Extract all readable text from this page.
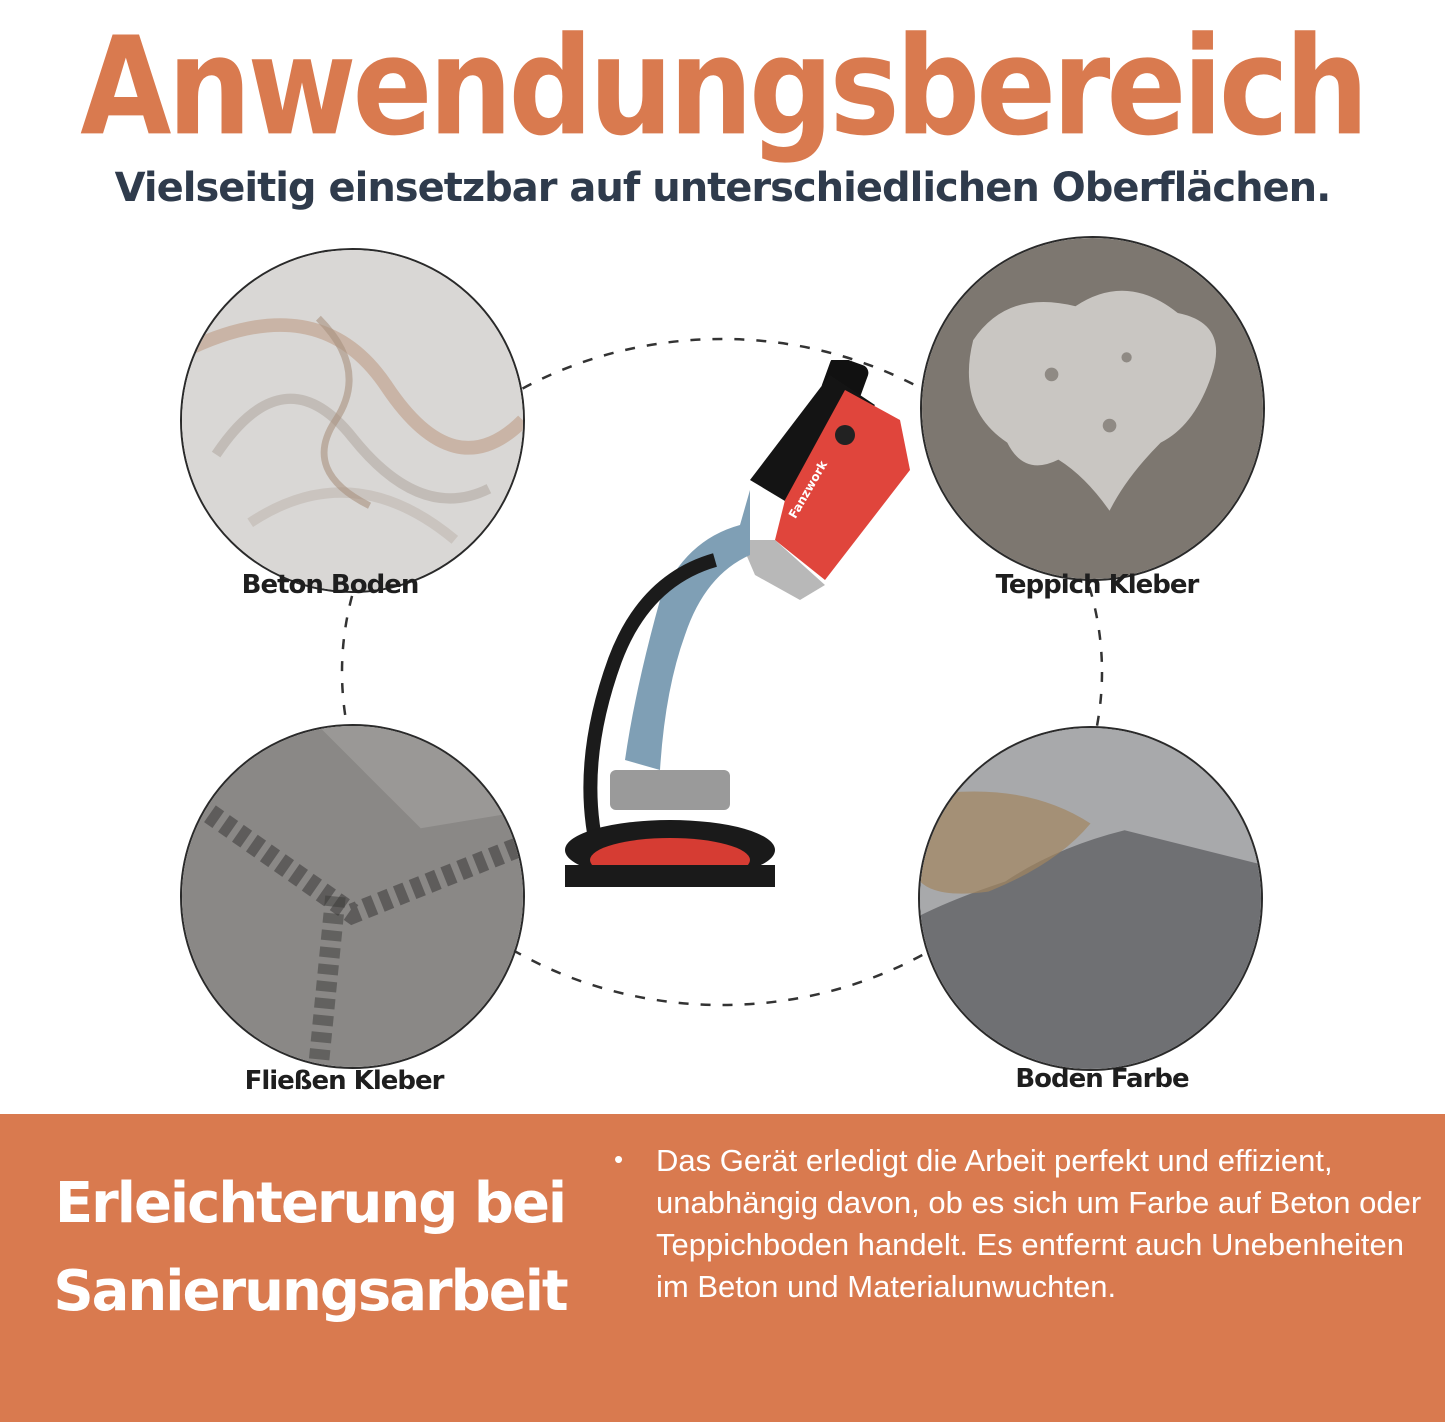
Anwendungsbereich
Vielseitig einsetzbar auf unterschiedlichen Oberflächen.
Beton Boden	Teppich Kleber
Fließen Kleber	Boden Farbe
Fanzwork
Erleichterung bei
Sanierungsarbeit
• Das Gerät erledigt die Arbeit perfekt und effizient, unabhängig davon, ob es sich um Farbe auf Beton oder Teppichboden handelt. Es entfernt auch Unebenheiten im Beton und Materialunwuchten.
